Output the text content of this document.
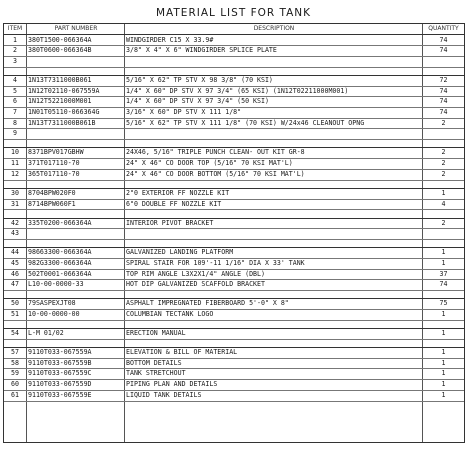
MATERIAL LIST FOR TANK
ITEM	PART NUMBER	DESCRIPTION	QUANTITY
1	380T1500-066364A	WINDGIRDER C15 X 33.9#	74
2	380T0600-066364B	3/8" X 4" X 6" WINDGIRDER SPLICE PLATE	74
3
4	1N13T7311000B061	5/16" X 62" TP STV X 98 3/8" (70 KSI)	72
5	1N12T02110-067559A	1/4" X 60" DP STV X 97 3/4" (65 KSI) (1N12T02211000M001)	74
6	1N12T5221000M001	1/4" X 60" DP STV X 97 3/4" (50 KSI)	74
7	1N01T05110-066364G	3/16" X 60" DP STV X 111 1/8"	74
8	1N13T7311000B061B	5/16" X 62" TP STV X 111 1/8" (70 KSI) W/24x46 CLEANOUT OPNG	2
9
10	8371BPV017GBHW	24X46, 5/16" TRIPLE PUNCH CLEAN- OUT KIT GR-8	2
11	371T017110-70	24" X 46" CO DOOR TOP (5/16" 70 KSI MAT'L)	2
12	365T017110-70	24" X 46" CO DOOR BOTTOM (5/16" 70 KSI MAT'L)	2
30	8704BPW020F0	2"0 EXTERIOR FF NOZZLE KIT	1
31	8714BPW060F1	6"0 DOUBLE FF NOZZLE KIT	4
42	335T0200-066364A	INTERIOR PIVOT BRACKET	2
43
44	98663300-066364A	GALVANIZED LANDING PLATFORM	1
45	982G3300-066364A	SPIRAL STAIR FOR 109'-11 1/16" DIA X 33' TANK	1
46	502T0001-066364A	TOP RIM ANGLE L3X2X1/4" ANGLE (DBL)	37
47	L10-00-0000-33	HOT DIP GALVANIZED SCAFFOLD BRACKET	74
50	79SASPEXJT08	ASPHALT IMPREGNATED FIBERBOARD 5'-0" X 8"	75
51	10-00-0000-00	COLUMBIAN TECTANK LOGO	1
54	L-M 01/02	ERECTION MANUAL	1
57	9110T033-067559A	ELEVATION & BILL OF MATERIAL	1
58	9110T033-067559B	BOTTOM DETAILS	1
59	9110T033-067559C	TANK STRETCHOUT	1
60	9110T033-067559D	PIPING PLAN AND DETAILS	1
61	9110T033-067559E	LIQUID TANK DETAILS	1
